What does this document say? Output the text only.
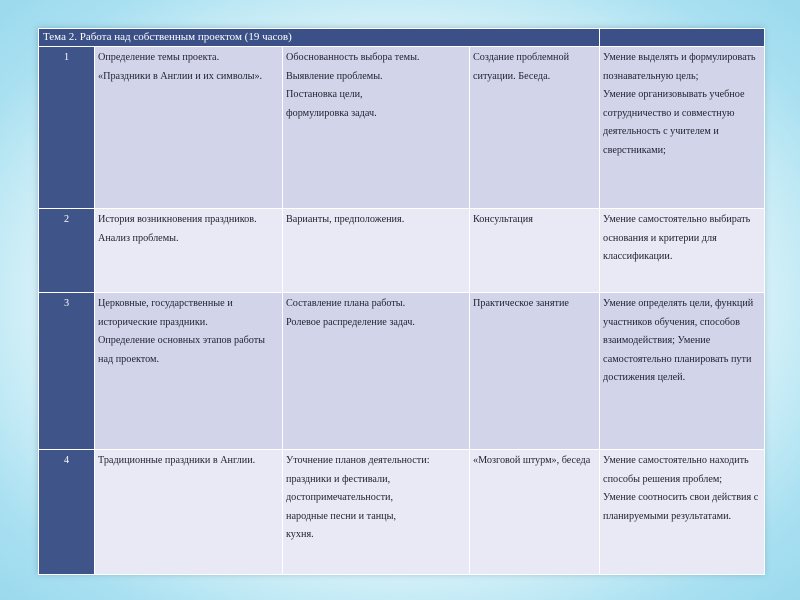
Тема 2. Работа над собственным проектом (19 часов)				
1	Определение темы проекта.
«Праздники в Англии и их символы».	Обоснованность выбора темы.
Выявление проблемы.
Постановка цели,
формулировка задач.	Создание проблемной ситуации. Беседа.	Умение выделять и формулировать познавательную цель;
Умение организовывать учебное сотрудничество и совместную деятельность с учителем и сверстниками;
2	История возникновения праздников.
Анализ проблемы.	Варианты, предположения.	Консультация	Умение самостоятельно выбирать основания и критерии для классификации.
3	Церковные, государственные и исторические праздники.
Определение основных этапов работы над проектом.	Составление плана работы.
Ролевое распределение задач.	Практическое занятие	Умение определять цели, функций участников обучения, способов взаимодействия; Умение самостоятельно планировать пути достижения целей.
4	Традиционные праздники в Англии.	Уточнение планов деятельности:
праздники и фестивали,
достопримечательности,
народные песни и танцы,
кухня.	«Мозговой штурм», беседа	Умение самостоятельно находить способы решения проблем;
Умение соотносить свои действия с планируемыми результатами.
